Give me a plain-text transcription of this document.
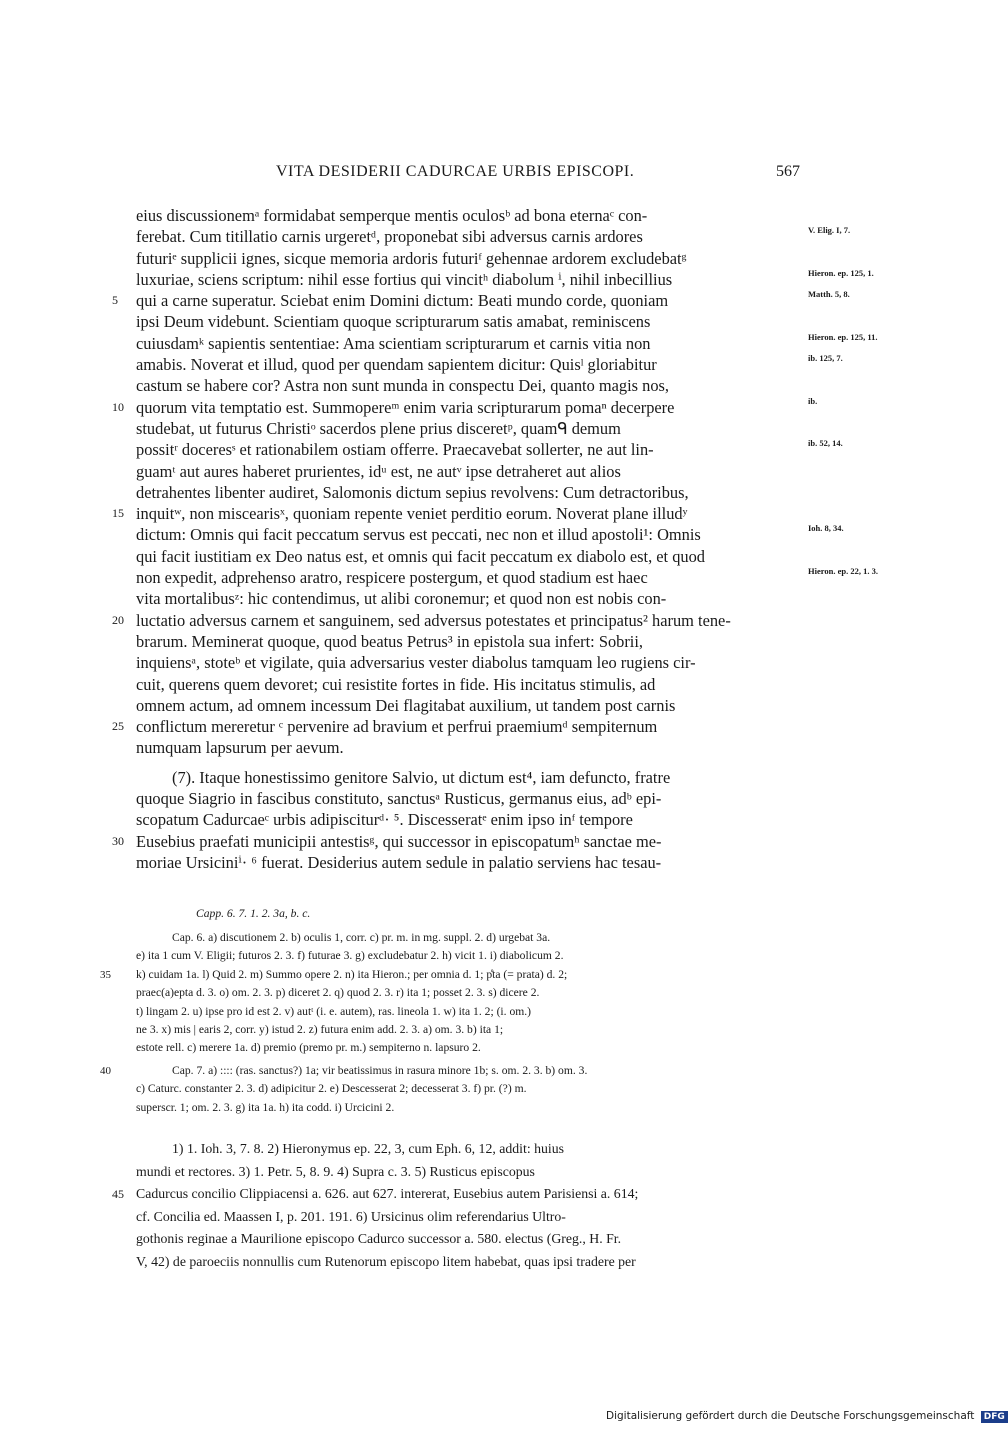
VITA DESIDERII CADURCAE URBIS EPISCOPI.	567
eius discussionemᵃ formidabat semperque mentis oculosᵇ ad bona eternaᶜ con-
ferebat. Cum titillatio carnis urgeretᵈ, proponebat sibi adversus carnis ardores	V. Elig. I, 7.
futuriᵉ supplicii ignes, sicque memoria ardoris futuriᶠ gehennae ardorem excludebatᵍ
luxuriae, sciens scriptum: nihil esse fortius qui vincitʰ diabolum ⁱ, nihil inbecillius	Hieron. ep. 125, 1.
5	qui a carne superatur. Sciebat enim Domini dictum: Beati mundo corde, quoniam	Matth. 5, 8.
ipsi Deum videbunt. Scientiam quoque scripturarum satis amabat, reminiscens
cuiusdamᵏ sapientis sententiae: Ama scientiam scripturarum et carnis vitia non	Hieron. ep. 125, 11.
amabis. Noverat et illud, quod per quendam sapientem dicitur: Quisˡ gloriabitur	ib. 125, 7.
castum se habere cor? Astra non sunt munda in conspectu Dei, quanto magis nos,
10 quorum vita temptatio est. Summopereᵐ enim varia scripturarum pomaⁿ decerpere	ib.
studebat, ut futurus Christiᵒ sacerdos plene prius disceretᵖ, quamᑫ demum
possitʳ doceresˢ et rationabilem ostiam offerre. Praecavebat sollerter, ne aut lin-	ib. 52, 14.
guamᵗ aut aures haberet prurientes, idᵘ est, ne autᵛ ipse detraheret aut alios
detrahentes libenter audiret, Salomonis dictum sepius revolvens: Cum detractoribus,
15 inquitʷ, non miscearisˣ, quoniam repente veniet perditio eorum. Noverat plane illudʸ
dictum: Omnis qui facit peccatum servus est peccati, nec non et illud apostoli¹: Omnis	Ioh. 8, 34.
qui facit iustitiam ex Deo natus est, et omnis qui facit peccatum ex diabolo est, et quod
non expedit, adprehenso aratro, respicere postergum, et quod stadium est haec	Hieron. ep. 22, 1. 3.
vita mortalibusᶻ: hic contendimus, ut alibi coronemur; et quod non est nobis con-
20 luctatio adversus carnem et sanguinem, sed adversus potestates et principatus² harum tene-
brarum. Meminerat quoque, quod beatus Petrus³ in epistola sua infert: Sobrii,
inquiensᵃ, stoteᵇ et vigilate, quia adversarius vester diabolus tamquam leo rugiens cir-
cuit, querens quem devoret; cui resistite fortes in fide. His incitatus stimulis, ad
omnem actum, ad omnem incessum Dei flagitabat auxilium, ut tandem post carnis
25 conflictum mereretur ᶜ pervenire ad bravium et perfrui praemiumᵈ sempiternum
numquam lapsurum per aevum.
(7). Itaque honestissimo genitore Salvio, ut dictum est⁴, iam defuncto, fratre
quoque Siagrio in fascibus constituto, sanctusᵃ Rusticus, germanus eius, adᵇ epi-
scopatum Cadurcaeᶜ urbis adipisciturᵈ· ⁵. Discesseratᵉ enim ipso inᶠ tempore
30 Eusebius praefati municipii antestisᵍ, qui successor in episcopatumʰ sanctae me-
moriae Ursiciniⁱ· ⁶ fuerat. Desiderius autem sedule in palatio serviens hac tesau-
Capp. 6. 7. 1. 2. 3a, b. c.
Cap. 6. a) discutionem 2. b) oculis 1, corr. c) pr. m. in mg. suppl. 2. d) urgebat 3a.
e) ita 1 cum V. Eligii; futuros 2. 3. f) futurae 3. g) excludebatur 2. h) vicit 1. i) diabolicum 2.
35	k) cuidam 1a. l) Quid 2. m) Summo opere 2. n) ita Hieron.; per omnia d. 1; p̊ta (= prata) d. 2;
praec(a)epta d. 3. o) om. 2. 3. p) diceret 2. q) quod 2. 3. r) ita 1; posset 2. 3. s) dicere 2.
t) lingam 2. u) ipse pro id est 2. v) autᵗ (i. e. autem), ras. lineola 1. w) ita 1. 2; (i. om.)
ne 3. x) mis | earis 2, corr. y) istud 2. z) futura enim add. 2. 3. a) om. 3. b) ita 1;
estote rell. c) merere 1a. d) premio (premo pr. m.) sempiterno n. lapsuro 2.
40	Cap. 7. a) :::: (ras. sanctus?) 1a; vir beatissimus in rasura minore 1b; s. om. 2. 3. b) om. 3.
c) Caturc. constanter 2. 3. d) adipicitur 2. e) Descesserat 2; decesserat 3. f) pr. (?) m.
superscr. 1; om. 2. 3. g) ita 1a. h) ita codd. i) Urcicini 2.
1) 1. Ioh. 3, 7. 8. 2) Hieronymus ep. 22, 3, cum Eph. 6, 12, addit: huius
mundi et rectores. 3) 1. Petr. 5, 8. 9. 4) Supra c. 3. 5) Rusticus episcopus
45 Cadurcus concilio Clippiacensi a. 626. aut 627. intererat, Eusebius autem Parisiensi a. 614;
cf. Concilia ed. Maassen I, p. 201. 191. 6) Ursicinus olim referendarius Ultro-
gothonis reginae a Maurilione episcopo Cadurco successor a. 580. electus (Greg., H. Fr.
V, 42) de paroeciis nonnullis cum Rutenorum episcopo litem habebat, quas ipsi tradere per
Digitalisierung gefördert durch die Deutsche Forschungsgemeinschaft DFG
